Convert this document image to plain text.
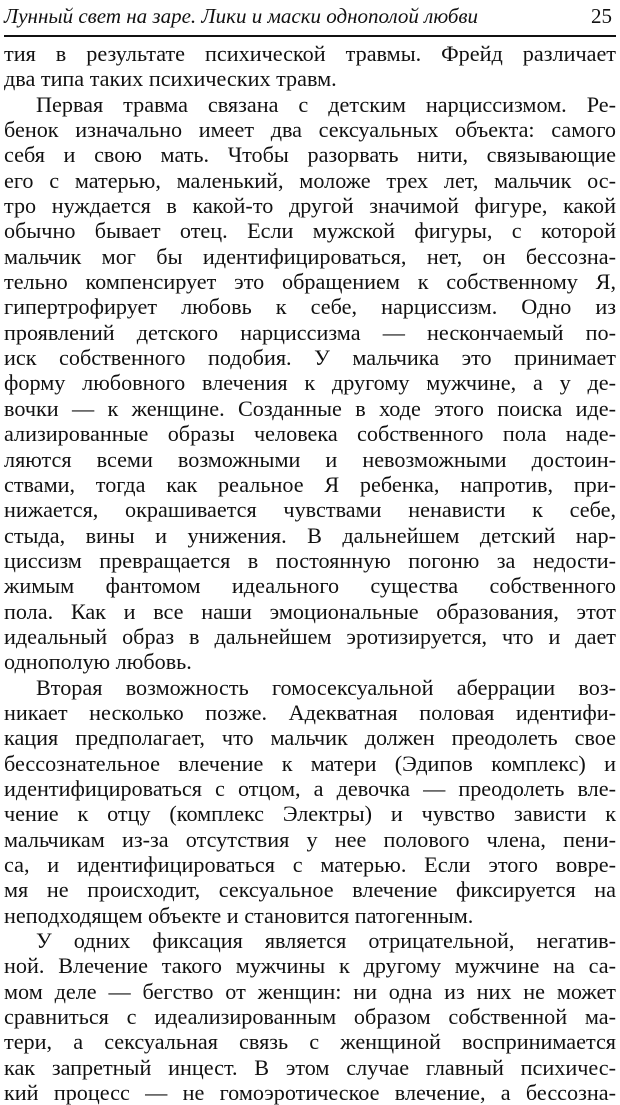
Лунный свет на заре. Лики и маски однополой любви	25
тия в результате психической травмы. Фрейд различает
два типа таких психических травм.
Первая травма связана с детским нарциссизмом. Ре-
бенок изначально имеет два сексуальных объекта: самого
себя и свою мать. Чтобы разорвать нити, связывающие
его с матерью, маленький, моложе трех лет, мальчик ос-
тро нуждается в какой-то другой значимой фигуре, какой
обычно бывает отец. Если мужской фигуры, с которой
мальчик мог бы идентифицироваться, нет, он бессозна-
тельно компенсирует это обращением к собственному Я,
гипертрофирует любовь к себе, нарциссизм. Одно из
проявлений детского нарциссизма — нескончаемый по-
иск собственного подобия. У мальчика это принимает
форму любовного влечения к другому мужчине, а у де-
вочки — к женщине. Созданные в ходе этого поиска иде-
ализированные образы человека собственного пола наде-
ляются всеми возможными и невозможными достоин-
ствами, тогда как реальное Я ребенка, напротив, при-
нижается, окрашивается чувствами ненависти к себе,
стыда, вины и унижения. В дальнейшем детский нар-
циссизм превращается в постоянную погоню за недости-
жимым фантомом идеального существа собственного
пола. Как и все наши эмоциональные образования, этот
идеальный образ в дальнейшем эротизируется, что и дает
однополую любовь.
Вторая возможность гомосексуальной аберрации воз-
никает несколько позже. Адекватная половая идентифи-
кация предполагает, что мальчик должен преодолеть свое
бессознательное влечение к матери (Эдипов комплекс) и
идентифицироваться с отцом, а девочка — преодолеть вле-
чение к отцу (комплекс Электры) и чувство зависти к
мальчикам из-за отсутствия у нее полового члена, пени-
са, и идентифицироваться с матерью. Если этого вовре-
мя не происходит, сексуальное влечение фиксируется на
неподходящем объекте и становится патогенным.
У одних фиксация является отрицательной, негатив-
ной. Влечение такого мужчины к другому мужчине на са-
мом деле — бегство от женщин: ни одна из них не может
сравниться с идеализированным образом собственной ма-
тери, а сексуальная связь с женщиной воспринимается
как запретный инцест. В этом случае главный психичес-
кий процесс — не гомоэротическое влечение, а бессозна-
